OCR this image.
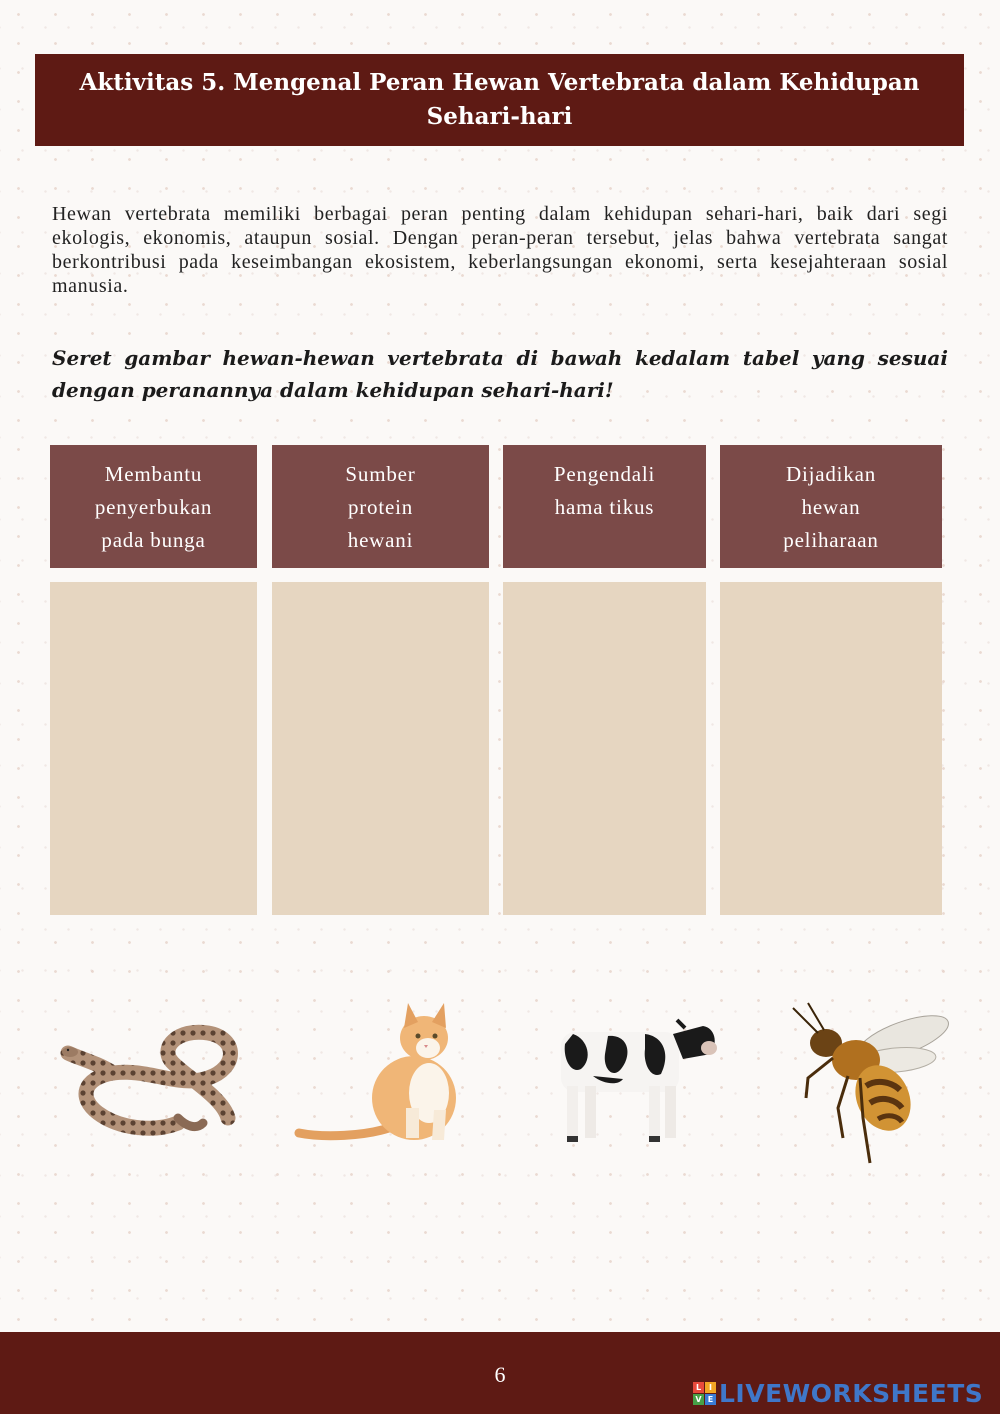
Aktivitas 5. Mengenal Peran Hewan Vertebrata dalam Kehidupan
Sehari-hari
Hewan vertebrata memiliki berbagai peran penting dalam kehidupan sehari-hari, baik dari segi ekologis, ekonomis, ataupun sosial. Dengan peran-peran tersebut, jelas bahwa vertebrata sangat berkontribusi pada keseimbangan ekosistem, keberlangsungan ekonomi, serta kesejahteraan sosial manusia.
Seret gambar hewan-hewan vertebrata di bawah kedalam tabel yang sesuai dengan peranannya dalam kehidupan sehari-hari!
Membantu
penyerbukan
pada bunga
Sumber
protein
hewani
Pengendali
hama tikus
Dijadikan
hewan
peliharaan
6	L I
V E LIVEWORKSHEETS
